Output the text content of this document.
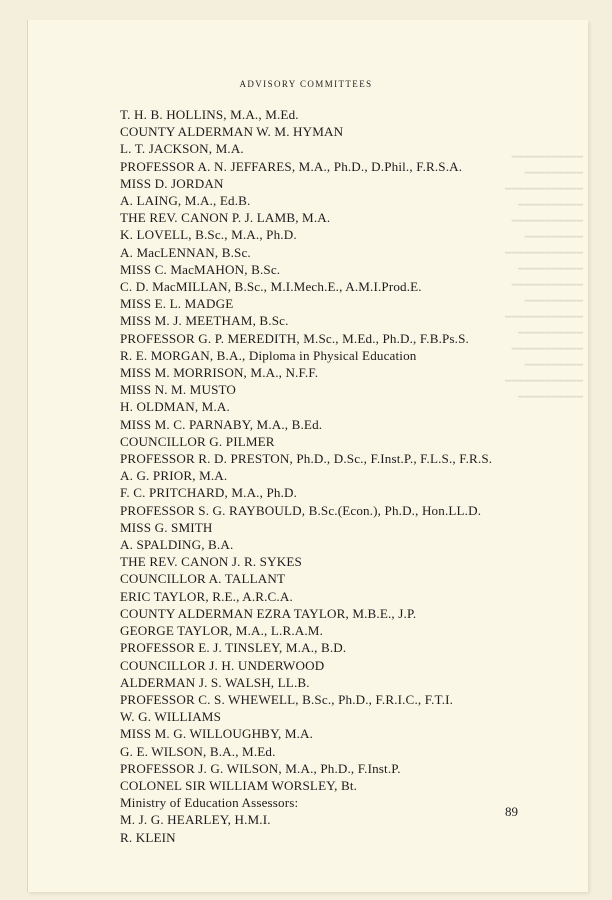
━━━━━━━━━━━
━━━━━━━━━
━━━━━━━━━━━━
━━━━━━━━━━
━━━━━━━━━━━
━━━━━━━━━
━━━━━━━━━━━━
━━━━━━━━━━
━━━━━━━━━━━
━━━━━━━━━
━━━━━━━━━━━━
━━━━━━━━━━
━━━━━━━━━━━
━━━━━━━━━
━━━━━━━━━━━━
━━━━━━━━━━
ADVISORY COMMITTEES
T. H. B. HOLLINS, M.A., M.Ed.
COUNTY ALDERMAN W. M. HYMAN
L. T. JACKSON, M.A.
PROFESSOR A. N. JEFFARES, M.A., Ph.D., D.Phil., F.R.S.A.
MISS D. JORDAN
A. LAING, M.A., Ed.B.
THE REV. CANON P. J. LAMB, M.A.
K. LOVELL, B.Sc., M.A., Ph.D.
A. MacLENNAN, B.Sc.
MISS C. MacMAHON, B.Sc.
C. D. MacMILLAN, B.Sc., M.I.Mech.E., A.M.I.Prod.E.
MISS E. L. MADGE
MISS M. J. MEETHAM, B.Sc.
PROFESSOR G. P. MEREDITH, M.Sc., M.Ed., Ph.D., F.B.Ps.S.
R. E. MORGAN, B.A., Diploma in Physical Education
MISS M. MORRISON, M.A., N.F.F.
MISS N. M. MUSTO
H. OLDMAN, M.A.
MISS M. C. PARNABY, M.A., B.Ed.
COUNCILLOR G. PILMER
PROFESSOR R. D. PRESTON, Ph.D., D.Sc., F.Inst.P., F.L.S., F.R.S.
A. G. PRIOR, M.A.
F. C. PRITCHARD, M.A., Ph.D.
PROFESSOR S. G. RAYBOULD, B.Sc.(Econ.), Ph.D., Hon.LL.D.
MISS G. SMITH
A. SPALDING, B.A.
THE REV. CANON J. R. SYKES
COUNCILLOR A. TALLANT
ERIC TAYLOR, R.E., A.R.C.A.
COUNTY ALDERMAN EZRA TAYLOR, M.B.E., J.P.
GEORGE TAYLOR, M.A., L.R.A.M.
PROFESSOR E. J. TINSLEY, M.A., B.D.
COUNCILLOR J. H. UNDERWOOD
ALDERMAN J. S. WALSH, LL.B.
PROFESSOR C. S. WHEWELL, B.Sc., Ph.D., F.R.I.C., F.T.I.
W. G. WILLIAMS
MISS M. G. WILLOUGHBY, M.A.
G. E. WILSON, B.A., M.Ed.
PROFESSOR J. G. WILSON, M.A., Ph.D., F.Inst.P.
COLONEL SIR WILLIAM WORSLEY, Bt.
Ministry of Education Assessors:
M. J. G. HEARLEY, H.M.I.
R. KLEIN
89
